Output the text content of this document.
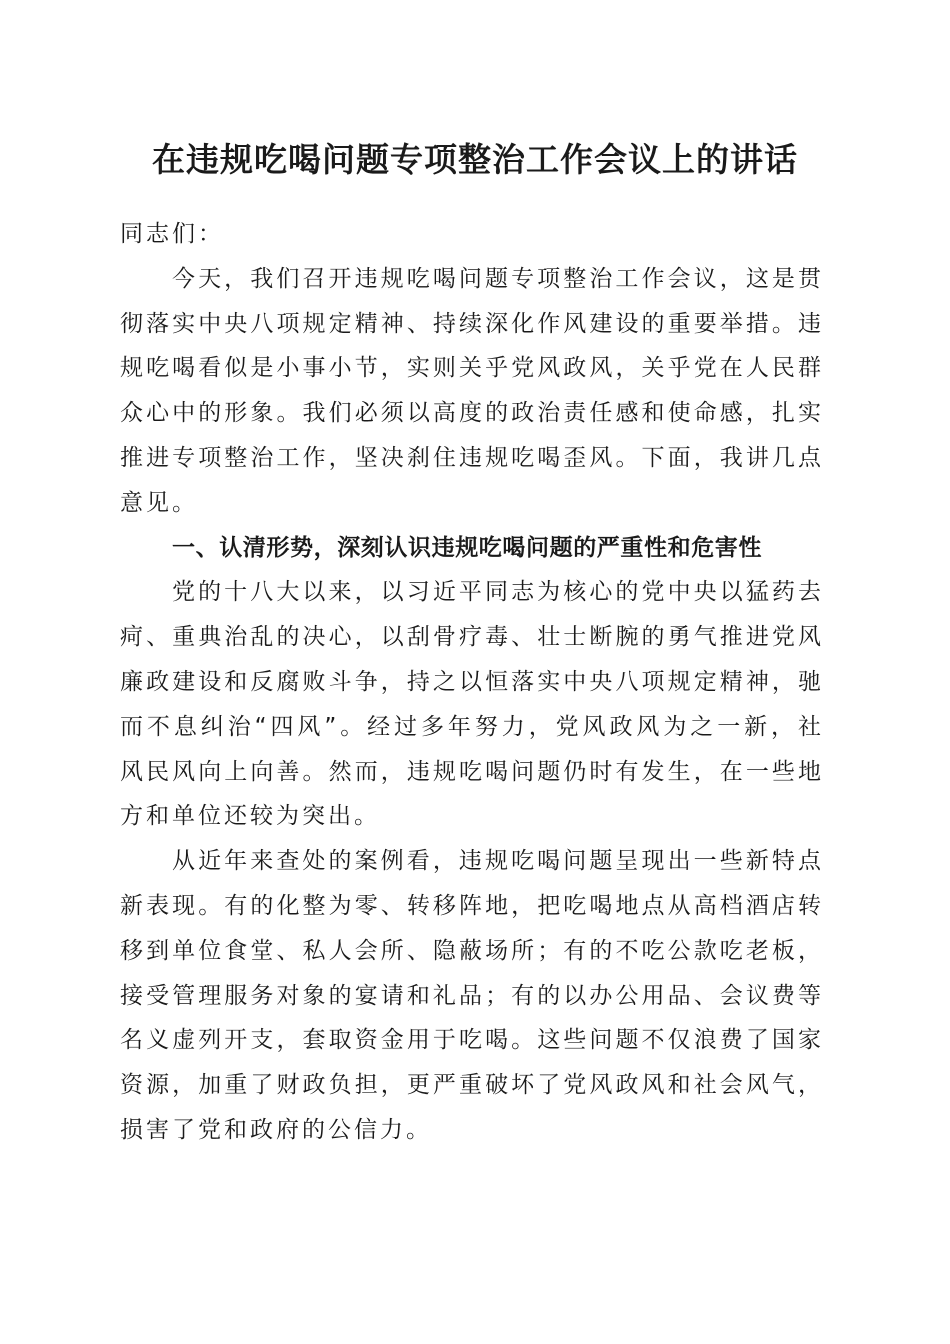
在违规吃喝问题专项整治工作会议上的讲话

同志们：

今天，我们召开违规吃喝问题专项整治工作会议，这是贯彻落实中央八项规定精神、持续深化作风建设的重要举措。违规吃喝看似是小事小节，实则关乎党风政风，关乎党在人民群众心中的形象。我们必须以高度的政治责任感和使命感，扎实推进专项整治工作，坚决刹住违规吃喝歪风。下面，我讲几点意见。

一、认清形势，深刻认识违规吃喝问题的严重性和危害性

党的十八大以来，以习近平同志为核心的党中央以猛药去疴、重典治乱的决心，以刮骨疗毒、壮士断腕的勇气推进党风廉政建设和反腐败斗争，持之以恒落实中央八项规定精神，驰而不息纠治“四风”。经过多年努力，党风政风为之一新，社风民风向上向善。然而，违规吃喝问题仍时有发生，在一些地方和单位还较为突出。

从近年来查处的案例看，违规吃喝问题呈现出一些新特点新表现。有的化整为零、转移阵地，把吃喝地点从高档酒店转移到单位食堂、私人会所、隐蔽场所；有的不吃公款吃老板，接受管理服务对象的宴请和礼品；有的以办公用品、会议费等名义虚列开支，套取资金用于吃喝。这些问题不仅浪费了国家资源，加重了财政负担，更严重破坏了党风政风和社会风气，损害了党和政府的公信力。
